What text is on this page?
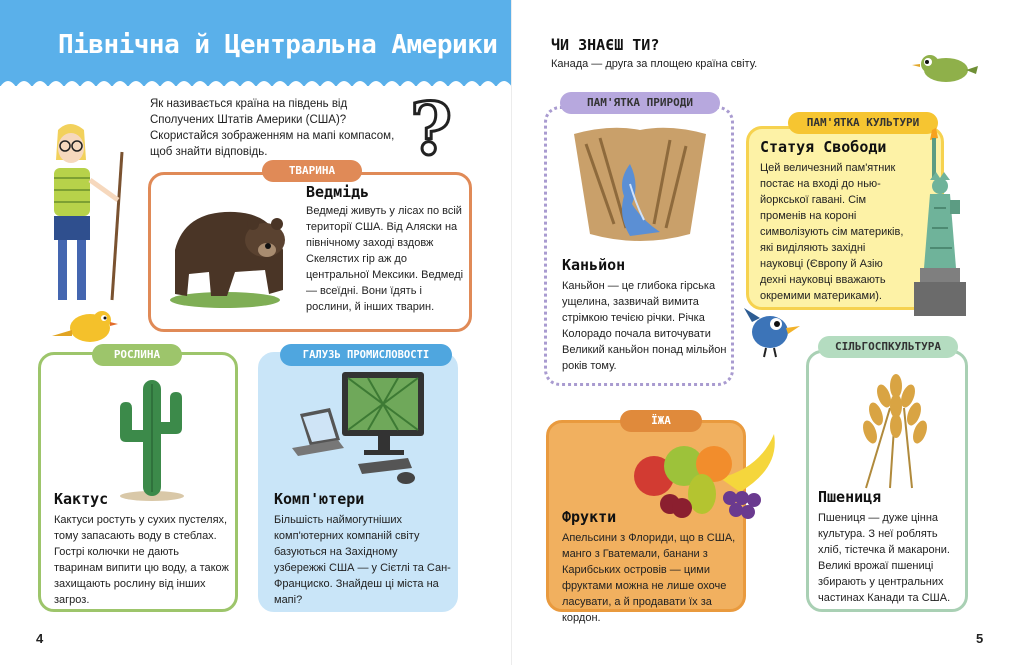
Північна й Центральна Америки
Як називається країна на південь від Сполучених Штатів Америки (США)? Скористайся зображенням на мапі компасом, щоб знайти відповідь.	?
ТВАРИНА
Ведмідь
Ведмеді живуть у лісах по всій території США. Від Аляски на північному заході вздовж Скелястих гір аж до центральної Мексики. Ведмеді — всеїдні. Вони їдять і рослини, й інших тварин.
РОСЛИНА
Кактус
Кактуси ростуть у сухих пустелях, тому запасають воду в стеблах. Гострі колючки не дають тваринам випити цю воду, а також захищають рослину від інших загроз.
ГАЛУЗЬ ПРОМИСЛОВОСТІ
Комп'ютери
Більшість наймогутніших комп'ютерних компаній світу базуються на Західному узбережжі США — у Сієтлі та Сан-Франциско. Знайдеш ці міста на мапі?
4
ЧИ ЗНАЄШ ТИ?
Канада — друга за площею країна світу.
ПАМ'ЯТКА ПРИРОДИ
Каньйон
Каньйон — це глибока гірська ущелина, зазвичай вимита стрімкою течією річки. Річка Колорадо почала виточувати Великий каньйон понад мільйон років тому.
ПАМ'ЯТКА КУЛЬТУРИ
Статуя Свободи
Цей величезний пам'ятник постає на вході до нью-йоркської гавані. Сім променів на короні символізують сім материків, які виділяють західні науковці (Європу й Азію дехні науковці вважають окремими материками).
ЇЖА
Фрукти
Апельсини з Флориди, що в США, манго з Гватемали, банани з Карибських островів — цими фруктами можна не лише охоче ласувати, а й продавати їх за кордон.
СІЛЬГОСПКУЛЬТУРА
Пшениця
Пшениця — дуже цінна культура. З неї роблять хліб, тістечка й макарони. Великі врожаї пшениці збирають у центральних частинах Канади та США.
5
